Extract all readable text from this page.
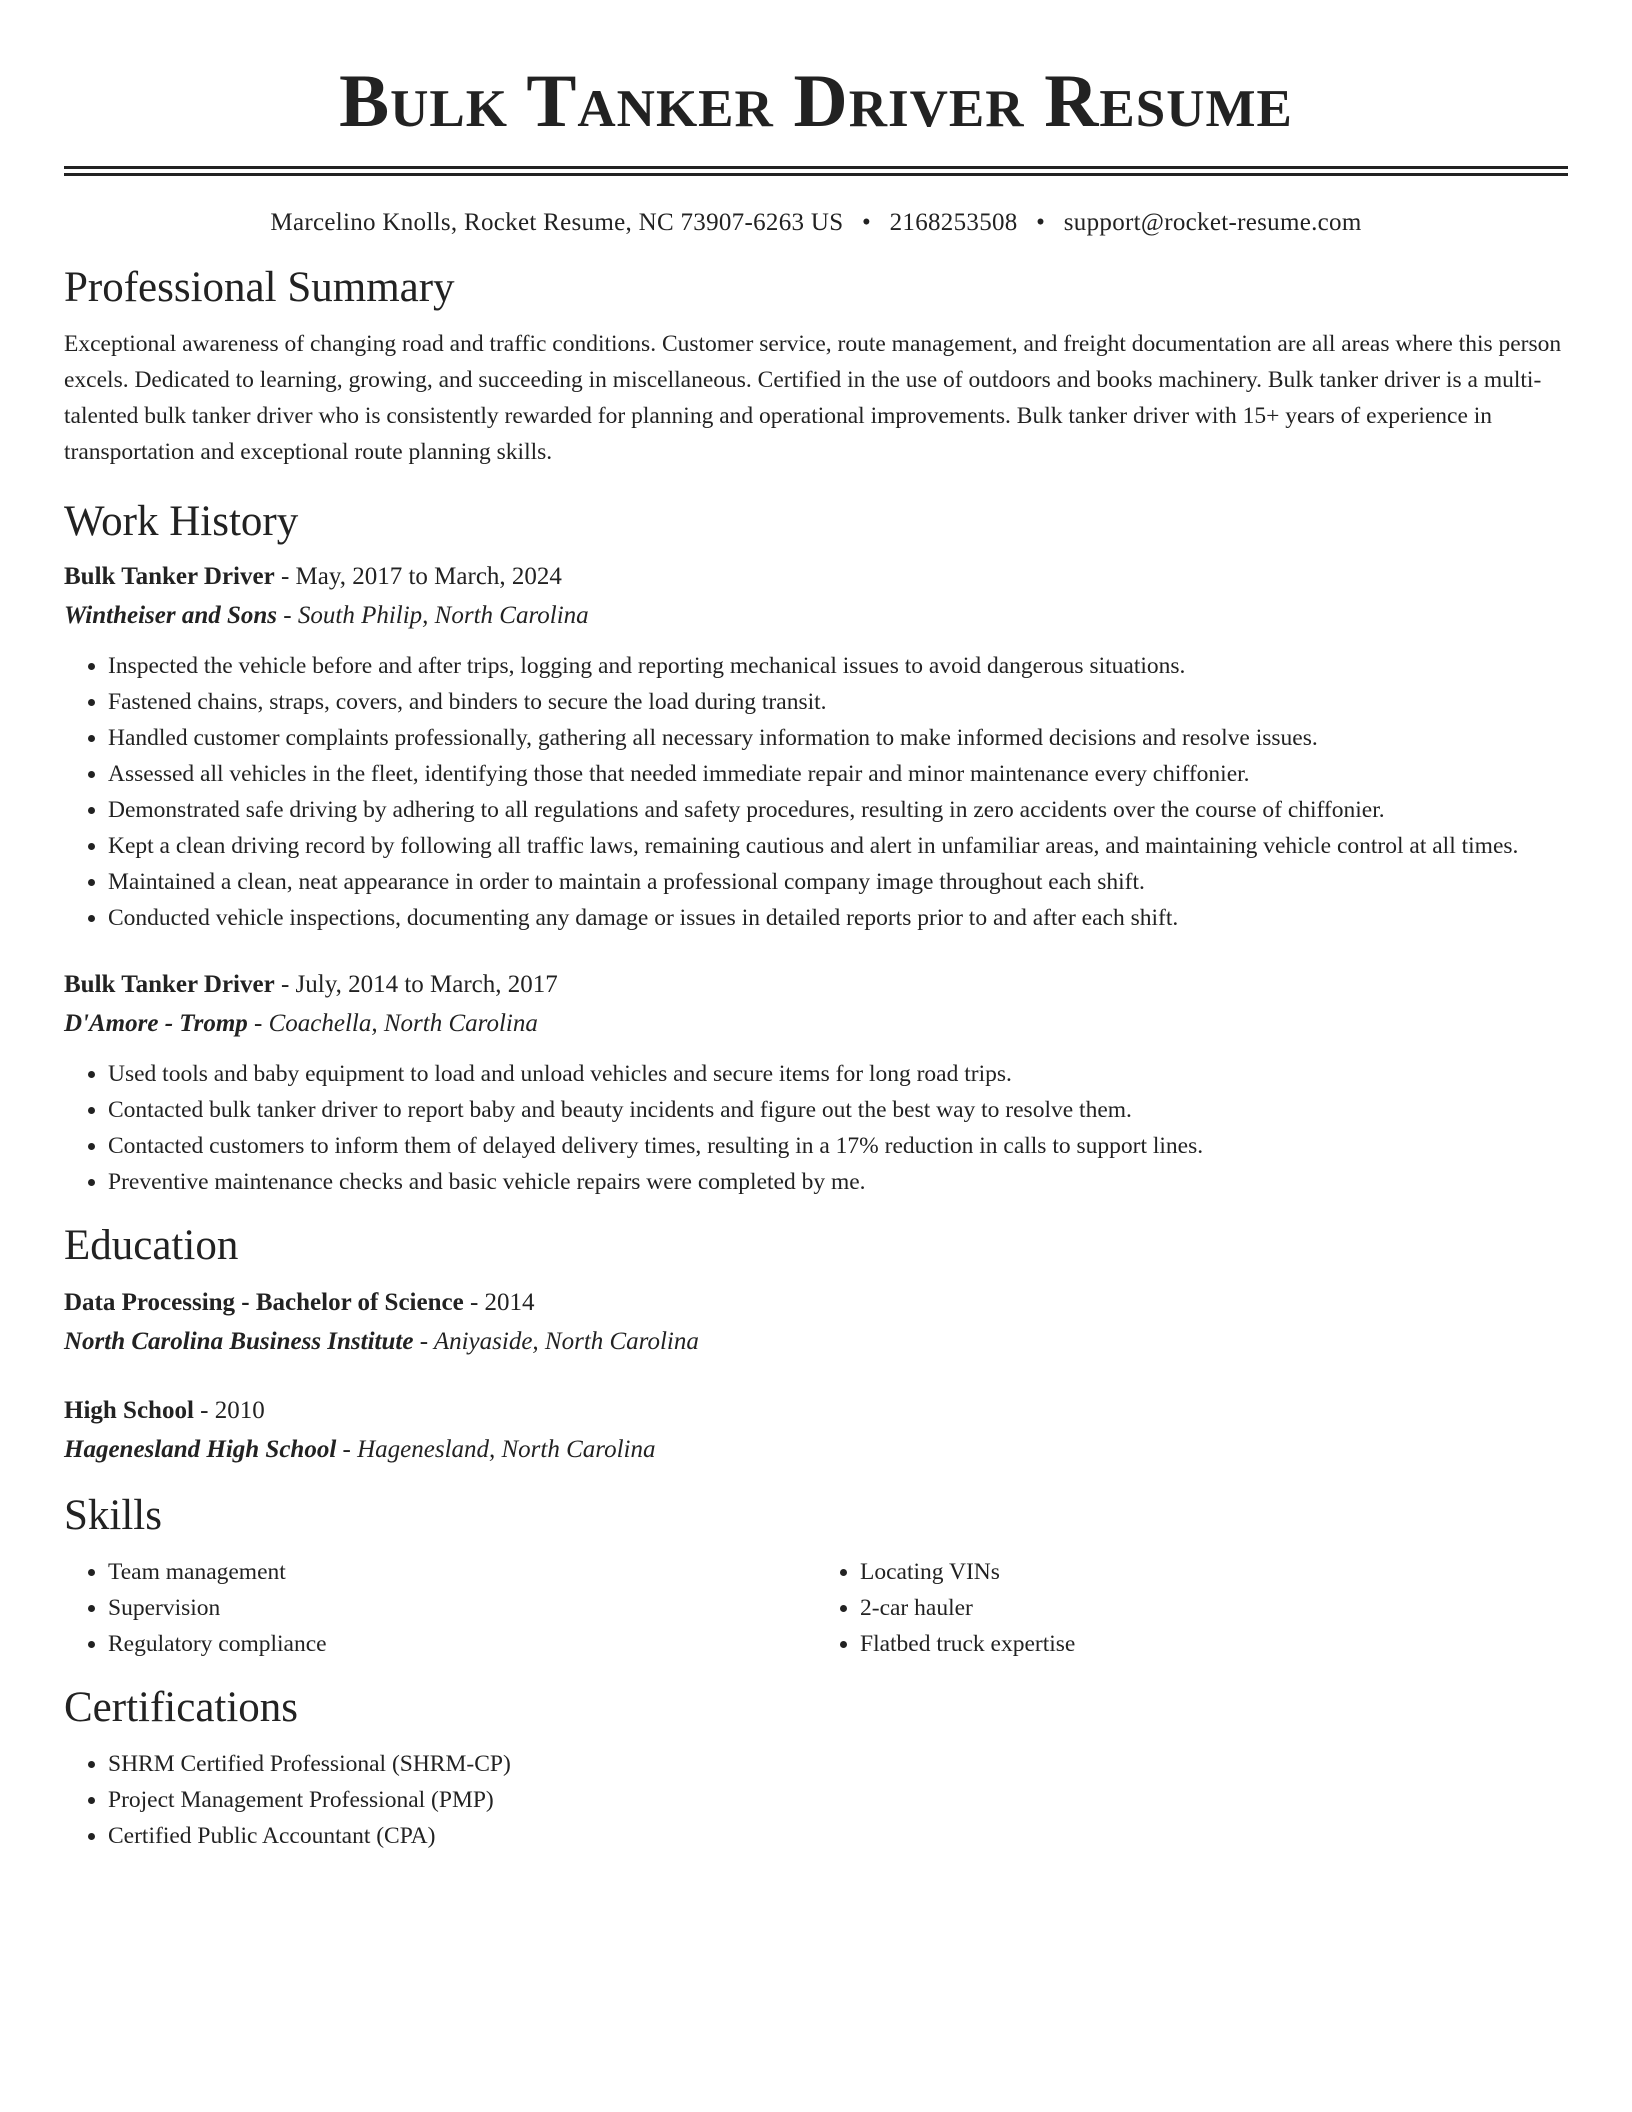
Bulk Tanker Driver Resume
Marcelino Knolls, Rocket Resume, NC 73907-6263 US • 2168253508 • support@rocket-resume.com
Professional Summary

Exceptional awareness of changing road and traffic conditions. Customer service, route management, and freight documentation are all areas where this person excels. Dedicated to learning, growing, and succeeding in miscellaneous. Certified in the use of outdoors and books machinery. Bulk tanker driver is a multi-talented bulk tanker driver who is consistently rewarded for planning and operational improvements. Bulk tanker driver with 15+ years of experience in transportation and exceptional route planning skills.

Work History
Bulk Tanker Driver - May, 2017 to March, 2024
Wintheiser and Sons - South Philip, North Carolina
• Inspected the vehicle before and after trips, logging and reporting mechanical issues to avoid dangerous situations.
• Fastened chains, straps, covers, and binders to secure the load during transit.
• Handled customer complaints professionally, gathering all necessary information to make informed decisions and resolve issues.
• Assessed all vehicles in the fleet, identifying those that needed immediate repair and minor maintenance every chiffonier.
• Demonstrated safe driving by adhering to all regulations and safety procedures, resulting in zero accidents over the course of chiffonier.
• Kept a clean driving record by following all traffic laws, remaining cautious and alert in unfamiliar areas, and maintaining vehicle control at all times.
• Maintained a clean, neat appearance in order to maintain a professional company image throughout each shift.
• Conducted vehicle inspections, documenting any damage or issues in detailed reports prior to and after each shift.
Bulk Tanker Driver - July, 2014 to March, 2017
D'Amore - Tromp - Coachella, North Carolina
• Used tools and baby equipment to load and unload vehicles and secure items for long road trips.
• Contacted bulk tanker driver to report baby and beauty incidents and figure out the best way to resolve them.
• Contacted customers to inform them of delayed delivery times, resulting in a 17% reduction in calls to support lines.
• Preventive maintenance checks and basic vehicle repairs were completed by me.
Education
Data Processing - Bachelor of Science - 2014
North Carolina Business Institute - Aniyaside, North Carolina
High School - 2010
Hagenesland High School - Hagenesland, North Carolina
Skills
• Team management
• Supervision
• Regulatory compliance
• Locating VINs
• 2-car hauler
• Flatbed truck expertise
Certifications
• SHRM Certified Professional (SHRM-CP)
• Project Management Professional (PMP)
• Certified Public Accountant (CPA)
